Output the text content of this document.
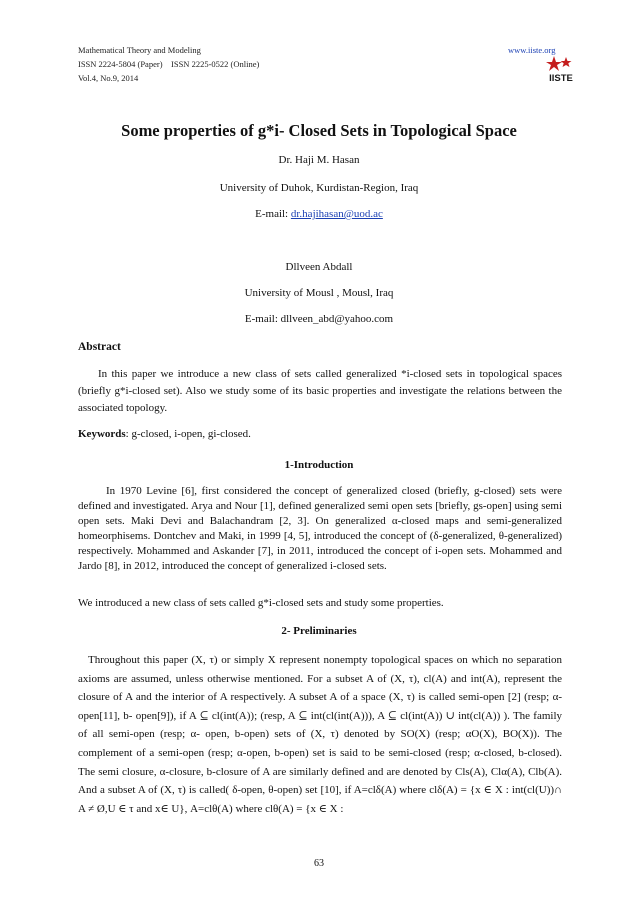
Mathematical Theory and Modeling
ISSN 2224-5804 (Paper)    ISSN 2225-0522 (Online)
Vol.4, No.9, 2014
www.iiste.org
IISTE
Some properties of g*i- Closed Sets in Topological Space
Dr. Haji M. Hasan
University of Duhok, Kurdistan-Region, Iraq
E-mail: dr.hajihasan@uod.ac
Dllveen Abdall
University of Mousl , Mousl, Iraq
E-mail: dllveen_abd@yahoo.com
Abstract
In this paper we introduce a new class of sets called generalized *i-closed sets in topological spaces (briefly g*i-closed set). Also we study some of its basic properties and investigate the relations between the associated topology.
Keywords: g-closed, i-open, gi-closed.
1-Introduction
In 1970 Levine [6], first considered the concept of generalized closed (briefly, g-closed) sets were defined and investigated. Arya and Nour [1], defined generalized semi open sets [briefly, gs-open] using semi open sets. Maki Devi and Balachandram [2, 3]. On generalized α-closed maps and semi-generalized homeorphisems. Dontchev and Maki, in 1999 [4, 5], introduced the concept of (δ-generalized, θ-generalized) respectively. Mohammed and Askander [7], in 2011, introduced the concept of i-open sets. Mohammed and Jardo [8], in 2012, introduced the concept of generalized i-closed sets.
We introduced a new class of sets called g*i-closed sets and study some properties.
2- Preliminaries
Throughout this paper (X, τ) or simply X represent nonempty topological spaces on which no separation axioms are assumed, unless otherwise mentioned. For a subset A of (X, τ), cl(A) and int(A), represent the closure of A and the interior of A respectively. A subset A of a space (X, τ) is called semi-open [2] (resp; α-open[11], b- open[9]), if A ⊆ cl(int(A)); (resp, A ⊆ int(cl(int(A))), A ⊆ cl(int(A)) ∪ int(cl(A)) ). The family of all semi-open (resp; α- open, b-open) sets of (X, τ) denoted by SO(X) (resp; αO(X), BO(X)). The complement of a semi-open (resp; α-open, b-open) set is said to be semi-closed (resp; α-closed, b-closed). The semi closure, α-closure, b-closure of A are similarly defined and are denoted by Cls(A), Clα(A), Clb(A). And a subset A of (X, τ) is called( δ-open, θ-open) set [10], if A=clδ(A) where clδ(A) = {x ∈ X : int(cl(U))∩ A ≠ Ø,U ∈ τ and x∈ U}, A=clθ(A) where clθ(A) = {x ∈ X :
63
